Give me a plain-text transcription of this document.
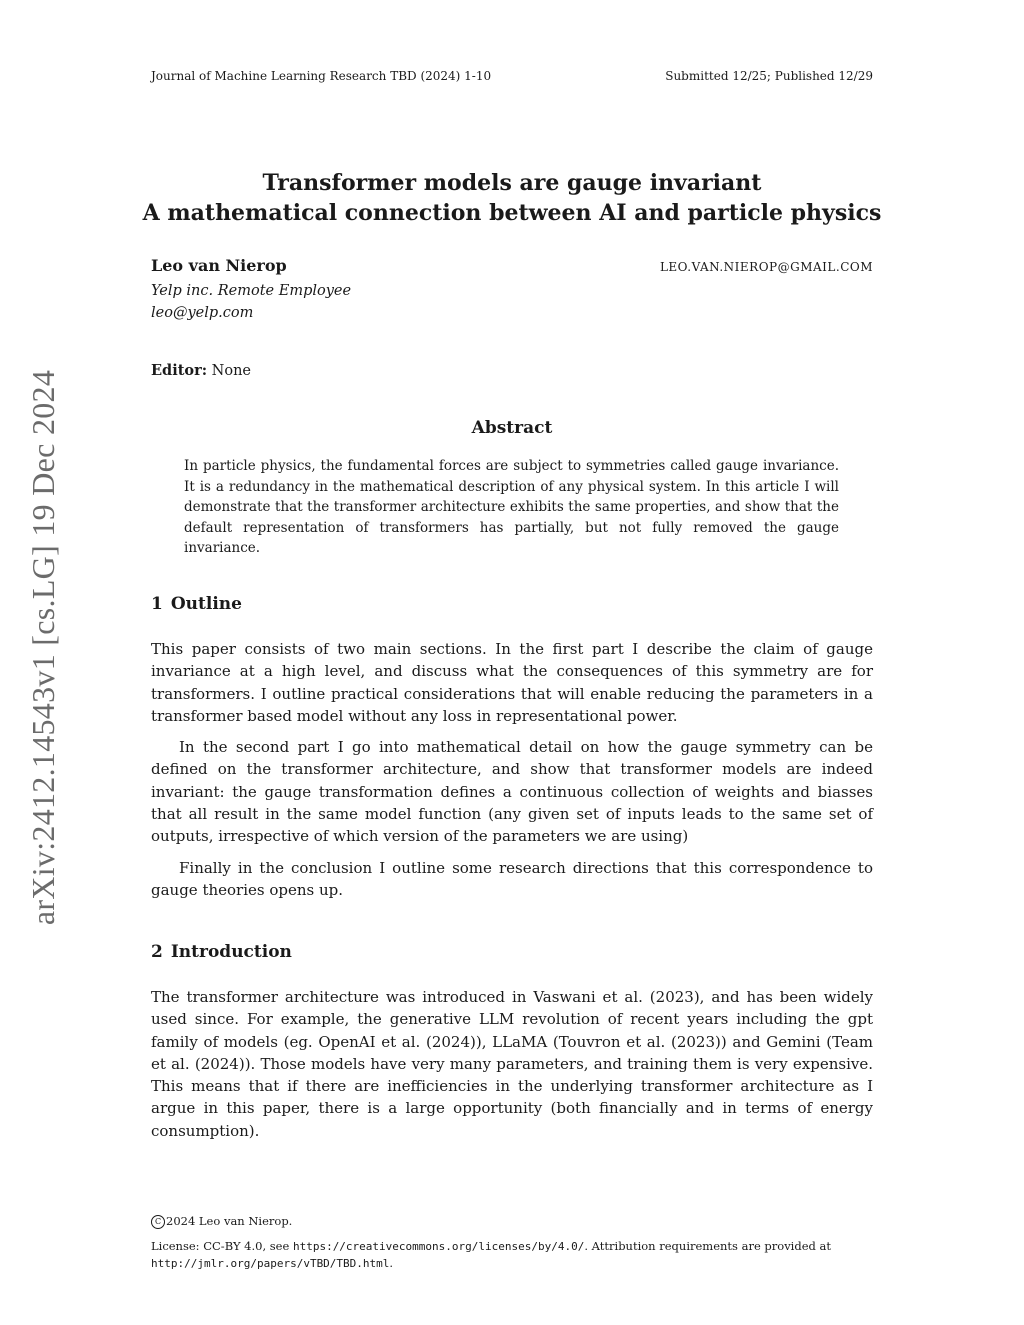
Journal of Machine Learning Research TBD (2024) 1-10	Submitted 12/25; Published 12/29
arXiv:2412.14543v1 [cs.LG] 19 Dec 2024
Transformer models are gauge invariant
A mathematical connection between AI and particle physics
Leo van Nierop	LEO.VAN.NIEROP@GMAIL.COM
Yelp inc. Remote Employee
leo@yelp.com
Editor: None
Abstract
In particle physics, the fundamental forces are subject to symmetries called gauge invariance. It is a redundancy in the mathematical description of any physical system. In this article I will demonstrate that the transformer architecture exhibits the same properties, and show that the default representation of transformers has partially, but not fully removed the gauge invariance.
1 Outline

This paper consists of two main sections. In the first part I describe the claim of gauge invariance at a high level, and discuss what the consequences of this symmetry are for transformers. I outline practical considerations that will enable reducing the parameters in a transformer based model without any loss in representational power.

In the second part I go into mathematical detail on how the gauge symmetry can be defined on the transformer architecture, and show that transformer models are indeed invariant: the gauge transformation defines a continuous collection of weights and biasses that all result in the same model function (any given set of inputs leads to the same set of outputs, irrespective of which version of the parameters we are using)

Finally in the conclusion I outline some research directions that this correspondence to gauge theories opens up.

2 Introduction

The transformer architecture was introduced in Vaswani et al. (2023), and has been widely used since. For example, the generative LLM revolution of recent years including the gpt family of models (eg. OpenAI et al. (2024)), LLaMA (Touvron et al. (2023)) and Gemini (Team et al. (2024)). Those models have very many parameters, and training them is very expensive. This means that if there are inefficiencies in the underlying transformer architecture as I argue in this paper, there is a large opportunity (both financially and in terms of energy consumption).

C 2024 Leo van Nierop.
License: CC-BY 4.0, see https://creativecommons.org/licenses/by/4.0/. Attribution requirements are provided at http://jmlr.org/papers/vTBD/TBD.html.
